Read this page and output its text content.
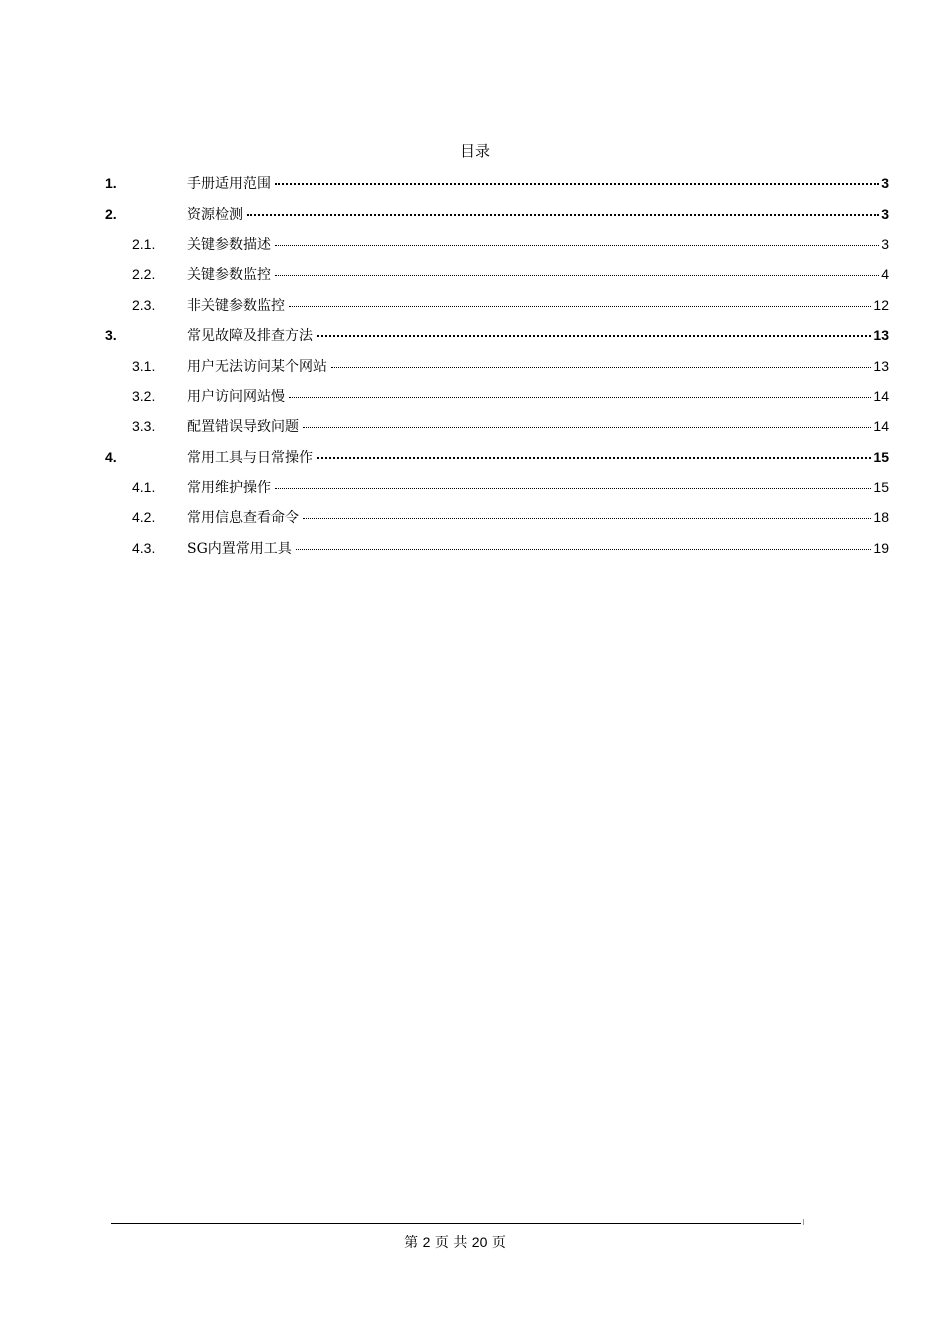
目录
1.	手册适用范围	3
2.	资源检测	3
2.1. 关键参数描述	3
2.2. 关键参数监控	4
2.3. 非关键参数监控	12
3.	常见故障及排查方法	13
3.1. 用户无法访问某个网站	13
3.2. 用户访问网站慢	14
3.3. 配置错误导致问题	14
4.	常用工具与日常操作	15
4.1. 常用维护操作	15
4.2. 常用信息查看命令	18
4.3. SG内置常用工具	19
第 2 页 共 20 页
